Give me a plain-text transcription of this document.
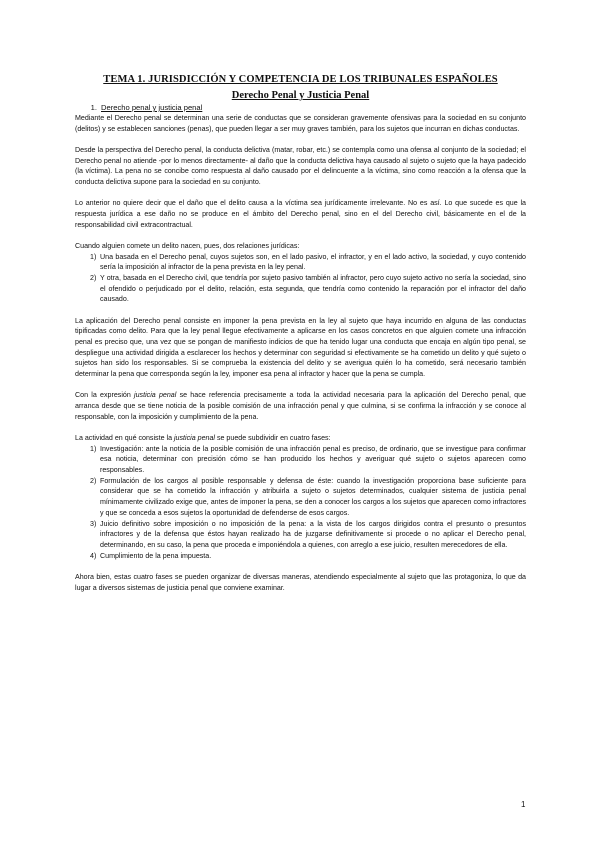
TEMA 1. JURISDICCIÓN Y COMPETENCIA DE LOS TRIBUNALES ESPAÑOLES
Derecho Penal y Justicia Penal
1. Derecho penal y justicia penal

Mediante el Derecho penal se determinan una serie de conductas que se consideran gravemente ofensivas para la sociedad en su conjunto (delitos) y se establecen sanciones (penas), que pueden llegar a ser muy graves también, para los sujetos que incurran en dichas conductas.

Desde la perspectiva del Derecho penal, la conducta delictiva (matar, robar, etc.) se contempla como una ofensa al conjunto de la sociedad; el Derecho penal no atiende -por lo menos directamente- al daño que la conducta delictiva haya causado al sujeto o sujeto que la haya padecido (la víctima). La pena no se concibe como respuesta al daño causado por el delincuente a la víctima, sino como reacción a la ofensa que la conducta delictiva supone para la sociedad en su conjunto.

Lo anterior no quiere decir que el daño que el delito causa a la víctima sea jurídicamente irrelevante. No es así. Lo que sucede es que la respuesta jurídica a ese daño no se produce en el ámbito del Derecho penal, sino en el del Derecho civil, básicamente en el de la responsabilidad civil extracontractual.

Cuando alguien comete un delito nacen, pues, dos relaciones jurídicas:

1) Una basada en el Derecho penal, cuyos sujetos son, en el lado pasivo, el infractor, y en el lado activo, la sociedad, y cuyo contenido sería la imposición al infractor de la pena prevista en la ley penal.
2) Y otra, basada en el Derecho civil, que tendría por sujeto pasivo también al infractor, pero cuyo sujeto activo no sería la sociedad, sino el ofendido o perjudicado por el delito, relación, esta segunda, que tendría como contenido la reparación por el infractor del daño causado.

La aplicación del Derecho penal consiste en imponer la pena prevista en la ley al sujeto que haya incurrido en alguna de las conductas tipificadas como delito. Para que la ley penal llegue efectivamente a aplicarse en los casos concretos en que alguien comete una infracción penal es preciso que, una vez que se pongan de manifiesto indicios de que ha tenido lugar una conducta que encaja en algún tipo penal, se despliegue una actividad dirigida a esclarecer los hechos y determinar con seguridad si efectivamente se ha cometido un delito y qué sujeto o sujetos han sido los responsables. Si se comprueba la existencia del delito y se averigua quién lo ha cometido, será necesario también determinar la pena que corresponda según la ley, imponer esa pena al infractor y hacer que la pena se cumpla.

Con la expresión justicia penal se hace referencia precisamente a toda la actividad necesaria para la aplicación del Derecho penal, que arranca desde que se tiene noticia de la posible comisión de una infracción penal y que culmina, si se confirma la infracción y se conoce al responsable, con la imposición y cumplimiento de la pena.

La actividad en qué consiste la justicia penal se puede subdividir en cuatro fases:

1) Investigación: ante la noticia de la posible comisión de una infracción penal es preciso, de ordinario, que se investigue para confirmar esa noticia, determinar con precisión cómo se han producido los hechos y averiguar qué sujeto o sujetos aparecen como responsables.
2) Formulación de los cargos al posible responsable y defensa de éste: cuando la investigación proporciona base suficiente para considerar que se ha cometido la infracción y atribuirla a sujeto o sujetos determinados, cualquier sistema de justicia penal mínimamente civilizado exige que, antes de imponer la pena, se den a conocer los cargos a los sujetos que aparecen como infractores y que se conceda a esos sujetos la oportunidad de defenderse de esos cargos.
3) Juicio definitivo sobre imposición o no imposición de la pena: a la vista de los cargos dirigidos contra el presunto o presuntos infractores y de la defensa que éstos hayan realizado ha de juzgarse definitivamente si procede o no aplicar el Derecho penal, determinando, en su caso, la pena que proceda e imponiéndola a quienes, con arreglo a ese juicio, resulten merecedores de ella.
4) Cumplimiento de la pena impuesta.

Ahora bien, estas cuatro fases se pueden organizar de diversas maneras, atendiendo especialmente al sujeto que las protagoniza, lo que da lugar a diversos sistemas de justicia penal que conviene examinar.

1
